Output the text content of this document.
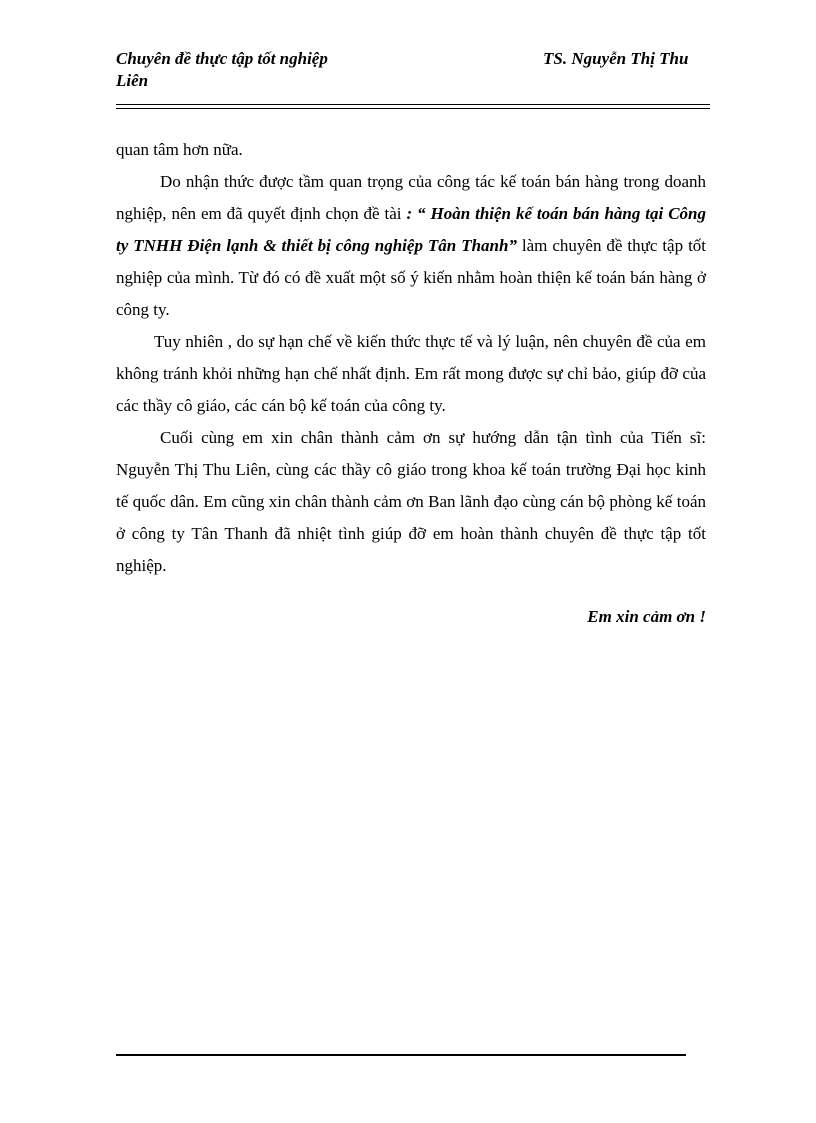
Chuyên đề thực tập tốt nghiệp	TS. Nguyễn Thị Thu
Liên

quan tâm hơn nữa.

Do nhận thức được tầm quan trọng của công tác kế toán bán hàng trong doanh nghiệp, nên em đã quyết định chọn đề tài : “ Hoàn thiện kế toán bán hàng tại Công ty TNHH Điện lạnh & thiết bị công nghiệp Tân Thanh” làm chuyên đề thực tập tốt nghiệp của mình. Từ đó có đề xuất một số ý kiến nhằm hoàn thiện kế toán bán hàng ở công ty.

Tuy nhiên , do sự hạn chế về kiến thức thực tế và lý luận, nên chuyên đề của em không tránh khỏi những hạn chế nhất định. Em rất mong được sự chỉ bảo, giúp đỡ của các thầy cô giáo, các cán bộ kế toán của công ty.

Cuối cùng em xin chân thành cảm ơn sự hướng dẫn tận tình của Tiến sĩ: Nguyễn Thị Thu Liên, cùng các thầy cô giáo trong khoa kế toán trường Đại học kinh tế quốc dân. Em cũng xin chân thành cảm ơn Ban lãnh đạo cùng cán bộ phòng kế toán ở công ty Tân Thanh đã nhiệt tình giúp đỡ em hoàn thành chuyên đề thực tập tốt nghiệp.

Em xin cảm ơn !
